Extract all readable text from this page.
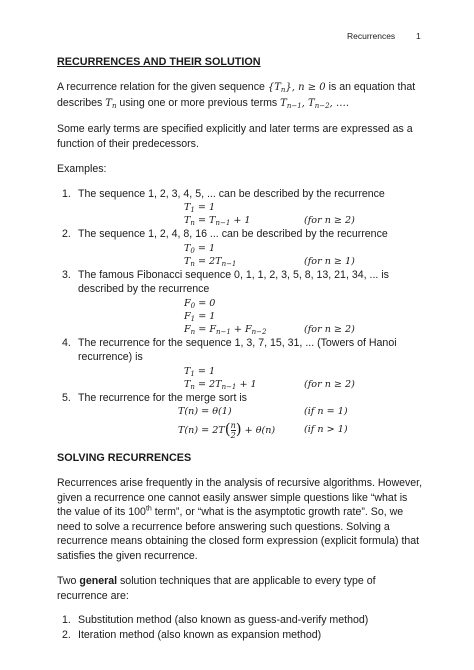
Recurrences 1
RECURRENCES AND THEIR SOLUTION

A recurrence relation for the given sequence $\{T_n\}$, n ≥ 0 is an equation that describes $T_n$ using one or more previous terms $T_{n-1}$, $T_{n-2}$, ….

Some early terms are specified explicitly and later terms are expressed as a function of their predecessors.

Examples:

1. The sequence 1, 2, 3, 4, 5, ... can be described by the recurrence
$T_1 = 1$
$T_n = T_{n-1} + 1$	(for n ≥ 2)
2. The sequence 1, 2, 4, 8, 16 ... can be described by the recurrence
$T_0 = 1$
$T_n = 2T_{n-1}$	(for n ≥ 1)
3. The famous Fibonacci sequence 0, 1, 1, 2, 3, 5, 8, 13, 21, 34, ... is described by the recurrence
$F_0 = 0$
$F_1 = 1$
$F_n = F_{n-1} + F_{n-2}$	(for n ≥ 2)
4. The recurrence for the sequence 1, 3, 7, 15, 31, ... (Towers of Hanoi recurrence) is
$T_1 = 1$
$T_n = 2T_{n-1} + 1$	(for n ≥ 2)
5. The recurrence for the merge sort is
T(n) = θ(1)	(if n = 1)
$T(n) = 2T( \frac{n}{2}$ ) + θ(n)	(if n > 1)
SOLVING RECURRENCES

Recurrences arise frequently in the analysis of recursive algorithms. However, given a recurrence one cannot easily answer simple questions like “what is the value of its 100th term”, or “what is the asymptotic growth rate”. So, we need to solve a recurrence before answering such questions. Solving a recurrence means obtaining the closed form expression (explicit formula) that satisfies the given recurrence.

Two general solution techniques that are applicable to every type of recurrence are:

1. Substitution method (also known as guess-and-verify method)
2. Iteration method (also known as expansion method)
